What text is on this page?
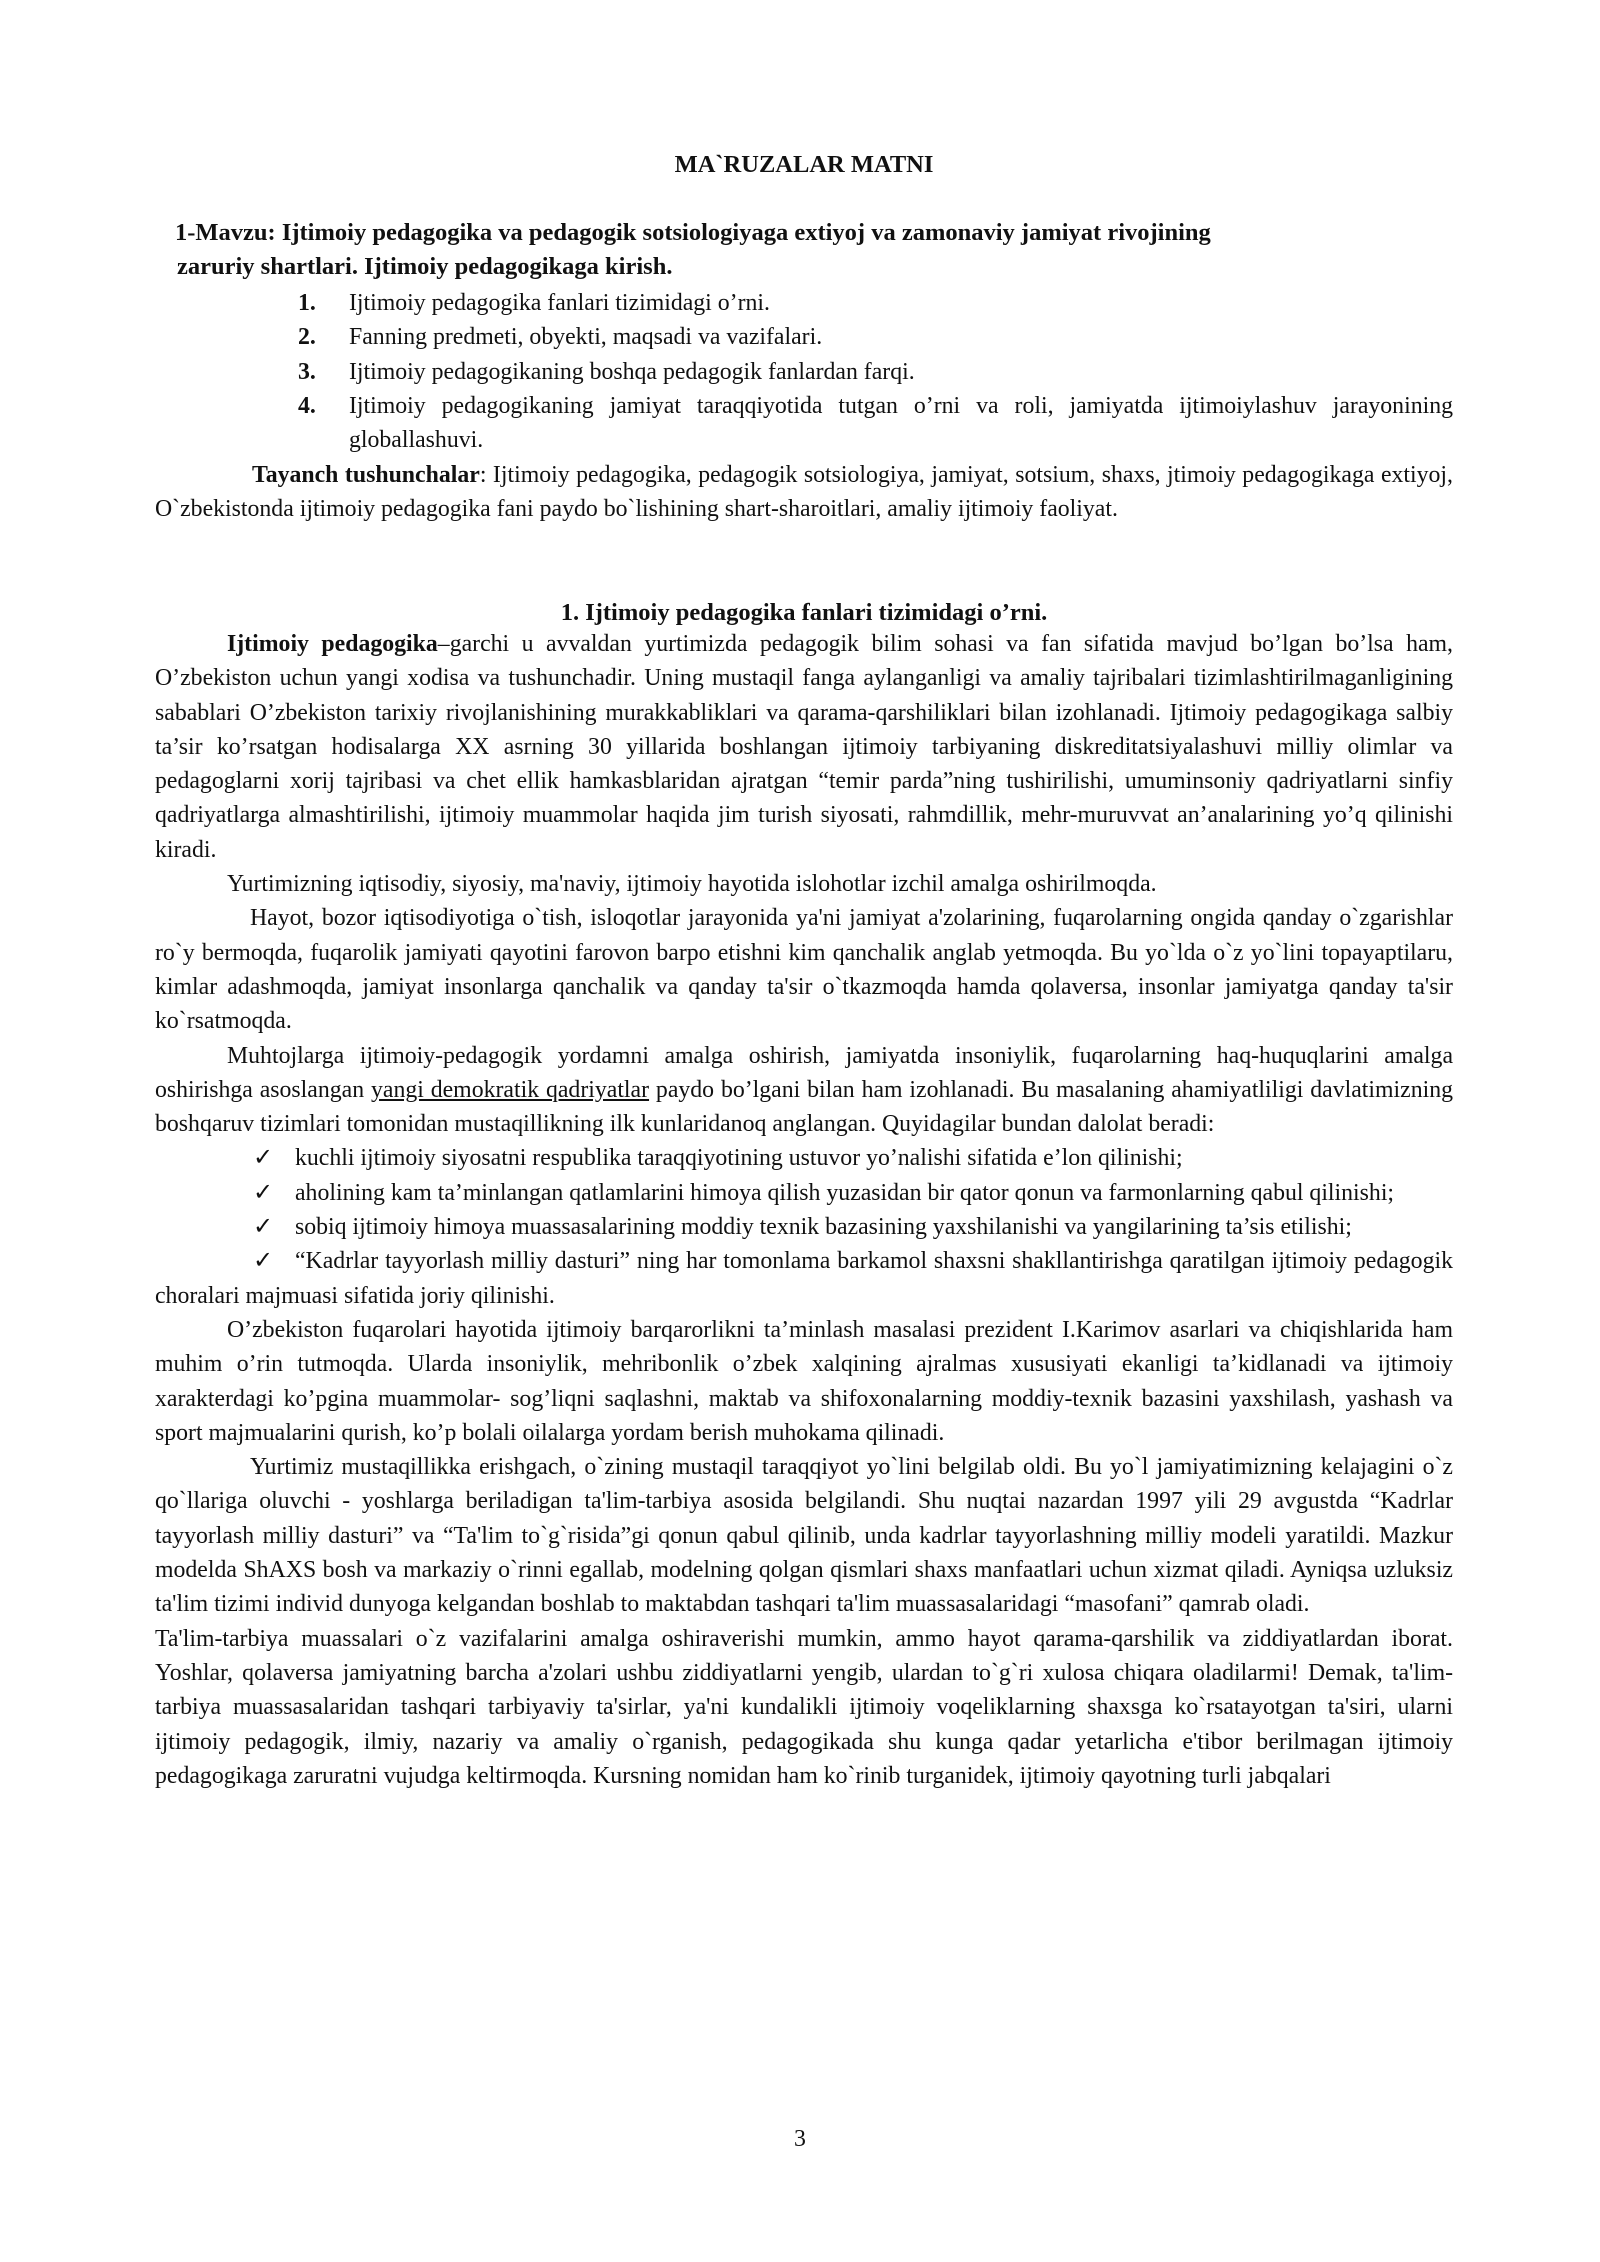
MA`RUZALAR MATNI
1-Mavzu: Ijtimoiy pedagogika va pedagogik sotsiologiyaga extiyoj va zamonaviy jamiyat rivojining
zaruriy shartlari. Ijtimoiy pedagogikaga kirish.
1. Ijtimoiy pedagogika fanlari tizimidagi o’rni.
2. Fanning predmeti, obyekti, maqsadi va vazifalari.
3. Ijtimoiy pedagogikaning boshqa pedagogik fanlardan farqi.
4. Ijtimoiy pedagogikaning jamiyat taraqqiyotida tutgan o’rni va roli, jamiyatda ijtimoiylashuv jarayonining globallashuvi.
Tayanch tushunchalar: Ijtimoiy pedagogika, pedagogik sotsiologiya, jamiyat, sotsium, shaxs, jtimoiy pedagogikaga extiyoj, O`zbekistonda ijtimoiy pedagogika fani paydo bo`lishining shart-sharoitlari, amaliy ijtimoiy faoliyat.
1. Ijtimoiy pedagogika fanlari tizimidagi o’rni.

Ijtimoiy pedagogika–garchi u avvaldan yurtimizda pedagogik bilim sohasi va fan sifatida mavjud bo’lgan bo’lsa ham, O’zbekiston uchun yangi xodisa va tushunchadir. Uning mustaqil fanga aylanganligi va amaliy tajribalari tizimlashtirilmaganligining sabablari O’zbekiston tarixiy rivojlanishining murakkabliklari va qarama-qarshiliklari bilan izohlanadi. Ijtimoiy pedagogikaga salbiy ta’sir ko’rsatgan hodisalarga XX asrning 30 yillarida boshlangan ijtimoiy tarbiyaning diskreditatsiyalashuvi milliy olimlar va pedagoglarni xorij tajribasi va chet ellik hamkasblaridan ajratgan “temir parda”ning tushirilishi, umuminsoniy qadriyatlarni sinfiy qadriyatlarga almashtirilishi, ijtimoiy muammolar haqida jim turish siyosati, rahmdillik, mehr-muruvvat an’analarining yo’q qilinishi kiradi.

Yurtimizning iqtisodiy, siyosiy, ma'naviy, ijtimoiy hayotida islohotlar izchil amalga oshirilmoqda.

Hayot, bozor iqtisodiyotiga o`tish, isloqotlar jarayonida ya'ni jamiyat a'zolarining, fuqarolarning ongida qanday o`zgarishlar ro`y bermoqda, fuqarolik jamiyati qayotini farovon barpo etishni kim qanchalik anglab yetmoqda. Bu yo`lda o`z yo`lini topayaptilaru, kimlar adashmoqda, jamiyat insonlarga qanchalik va qanday ta'sir o`tkazmoqda hamda qolaversa, insonlar jamiyatga qanday ta'sir ko`rsatmoqda.

Muhtojlarga ijtimoiy-pedagogik yordamni amalga oshirish, jamiyatda insoniylik, fuqarolarning haq-huquqlarini amalga oshirishga asoslangan yangi demokratik qadriyatlar paydo bo’lgani bilan ham izohlanadi. Bu masalaning ahamiyatliligi davlatimizning boshqaruv tizimlari tomonidan mustaqillikning ilk kunlaridanoq anglangan. Quyidagilar bundan dalolat beradi:

✓ kuchli ijtimoiy siyosatni respublika taraqqiyotining ustuvor yo’nalishi sifatida e’lon qilinishi;

✓ aholining kam ta’minlangan qatlamlarini himoya qilish yuzasidan bir qator qonun va farmonlarning qabul qilinishi;

✓ sobiq ijtimoiy himoya muassasalarining moddiy texnik bazasining yaxshilanishi va yangilarining ta’sis etilishi;

✓ “Kadrlar tayyorlash milliy dasturi” ning har tomonlama barkamol shaxsni shakllantirishga qaratilgan ijtimoiy pedagogik choralari majmuasi sifatida joriy qilinishi.

O’zbekiston fuqarolari hayotida ijtimoiy barqarorlikni ta’minlash masalasi prezident I.Karimov asarlari va chiqishlarida ham muhim o’rin tutmoqda. Ularda insoniylik, mehribonlik o’zbek xalqining ajralmas xususiyati ekanligi ta’kidlanadi va ijtimoiy xarakterdagi ko’pgina muammolar- sog’liqni saqlashni, maktab va shifoxonalarning moddiy-texnik bazasini yaxshilash, yashash va sport majmualarini qurish, ko’p bolali oilalarga yordam berish muhokama qilinadi.

Yurtimiz mustaqillikka erishgach, o`zining mustaqil taraqqiyot yo`lini belgilab oldi. Bu yo`l jamiyatimizning kelajagini o`z qo`llariga oluvchi - yoshlarga beriladigan ta'lim-tarbiya asosida belgilandi. Shu nuqtai nazardan 1997 yili 29 avgustda “Kadrlar tayyorlash milliy dasturi” va “Ta'lim to`g`risida”gi qonun qabul qilinib, unda kadrlar tayyorlashning milliy modeli yaratildi. Mazkur modelda ShAXS bosh va markaziy o`rinni egallab, modelning qolgan qismlari shaxs manfaatlari uchun xizmat qiladi. Ayniqsa uzluksiz ta'lim tizimi individ dunyoga kelgandan boshlab to maktabdan tashqari ta'lim muassasalaridagi “masofani” qamrab oladi.

Ta'lim-tarbiya muassalari o`z vazifalarini amalga oshiraverishi mumkin, ammo hayot qarama-qarshilik va ziddiyatlardan iborat. Yoshlar, qolaversa jamiyatning barcha a'zolari ushbu ziddiyatlarni yengib, ulardan to`g`ri xulosa chiqara oladilarmi! Demak, ta'lim-tarbiya muassasalaridan tashqari tarbiyaviy ta'sirlar, ya'ni kundalikli ijtimoiy voqeliklarning shaxsga ko`rsatayotgan ta'siri, ularni ijtimoiy pedagogik, ilmiy, nazariy va amaliy o`rganish, pedagogikada shu kunga qadar yetarlicha e'tibor berilmagan ijtimoiy pedagogikaga zaruratni vujudga keltirmoqda. Kursning nomidan ham ko`rinib turganidek, ijtimoiy qayotning turli jabqalari

3
